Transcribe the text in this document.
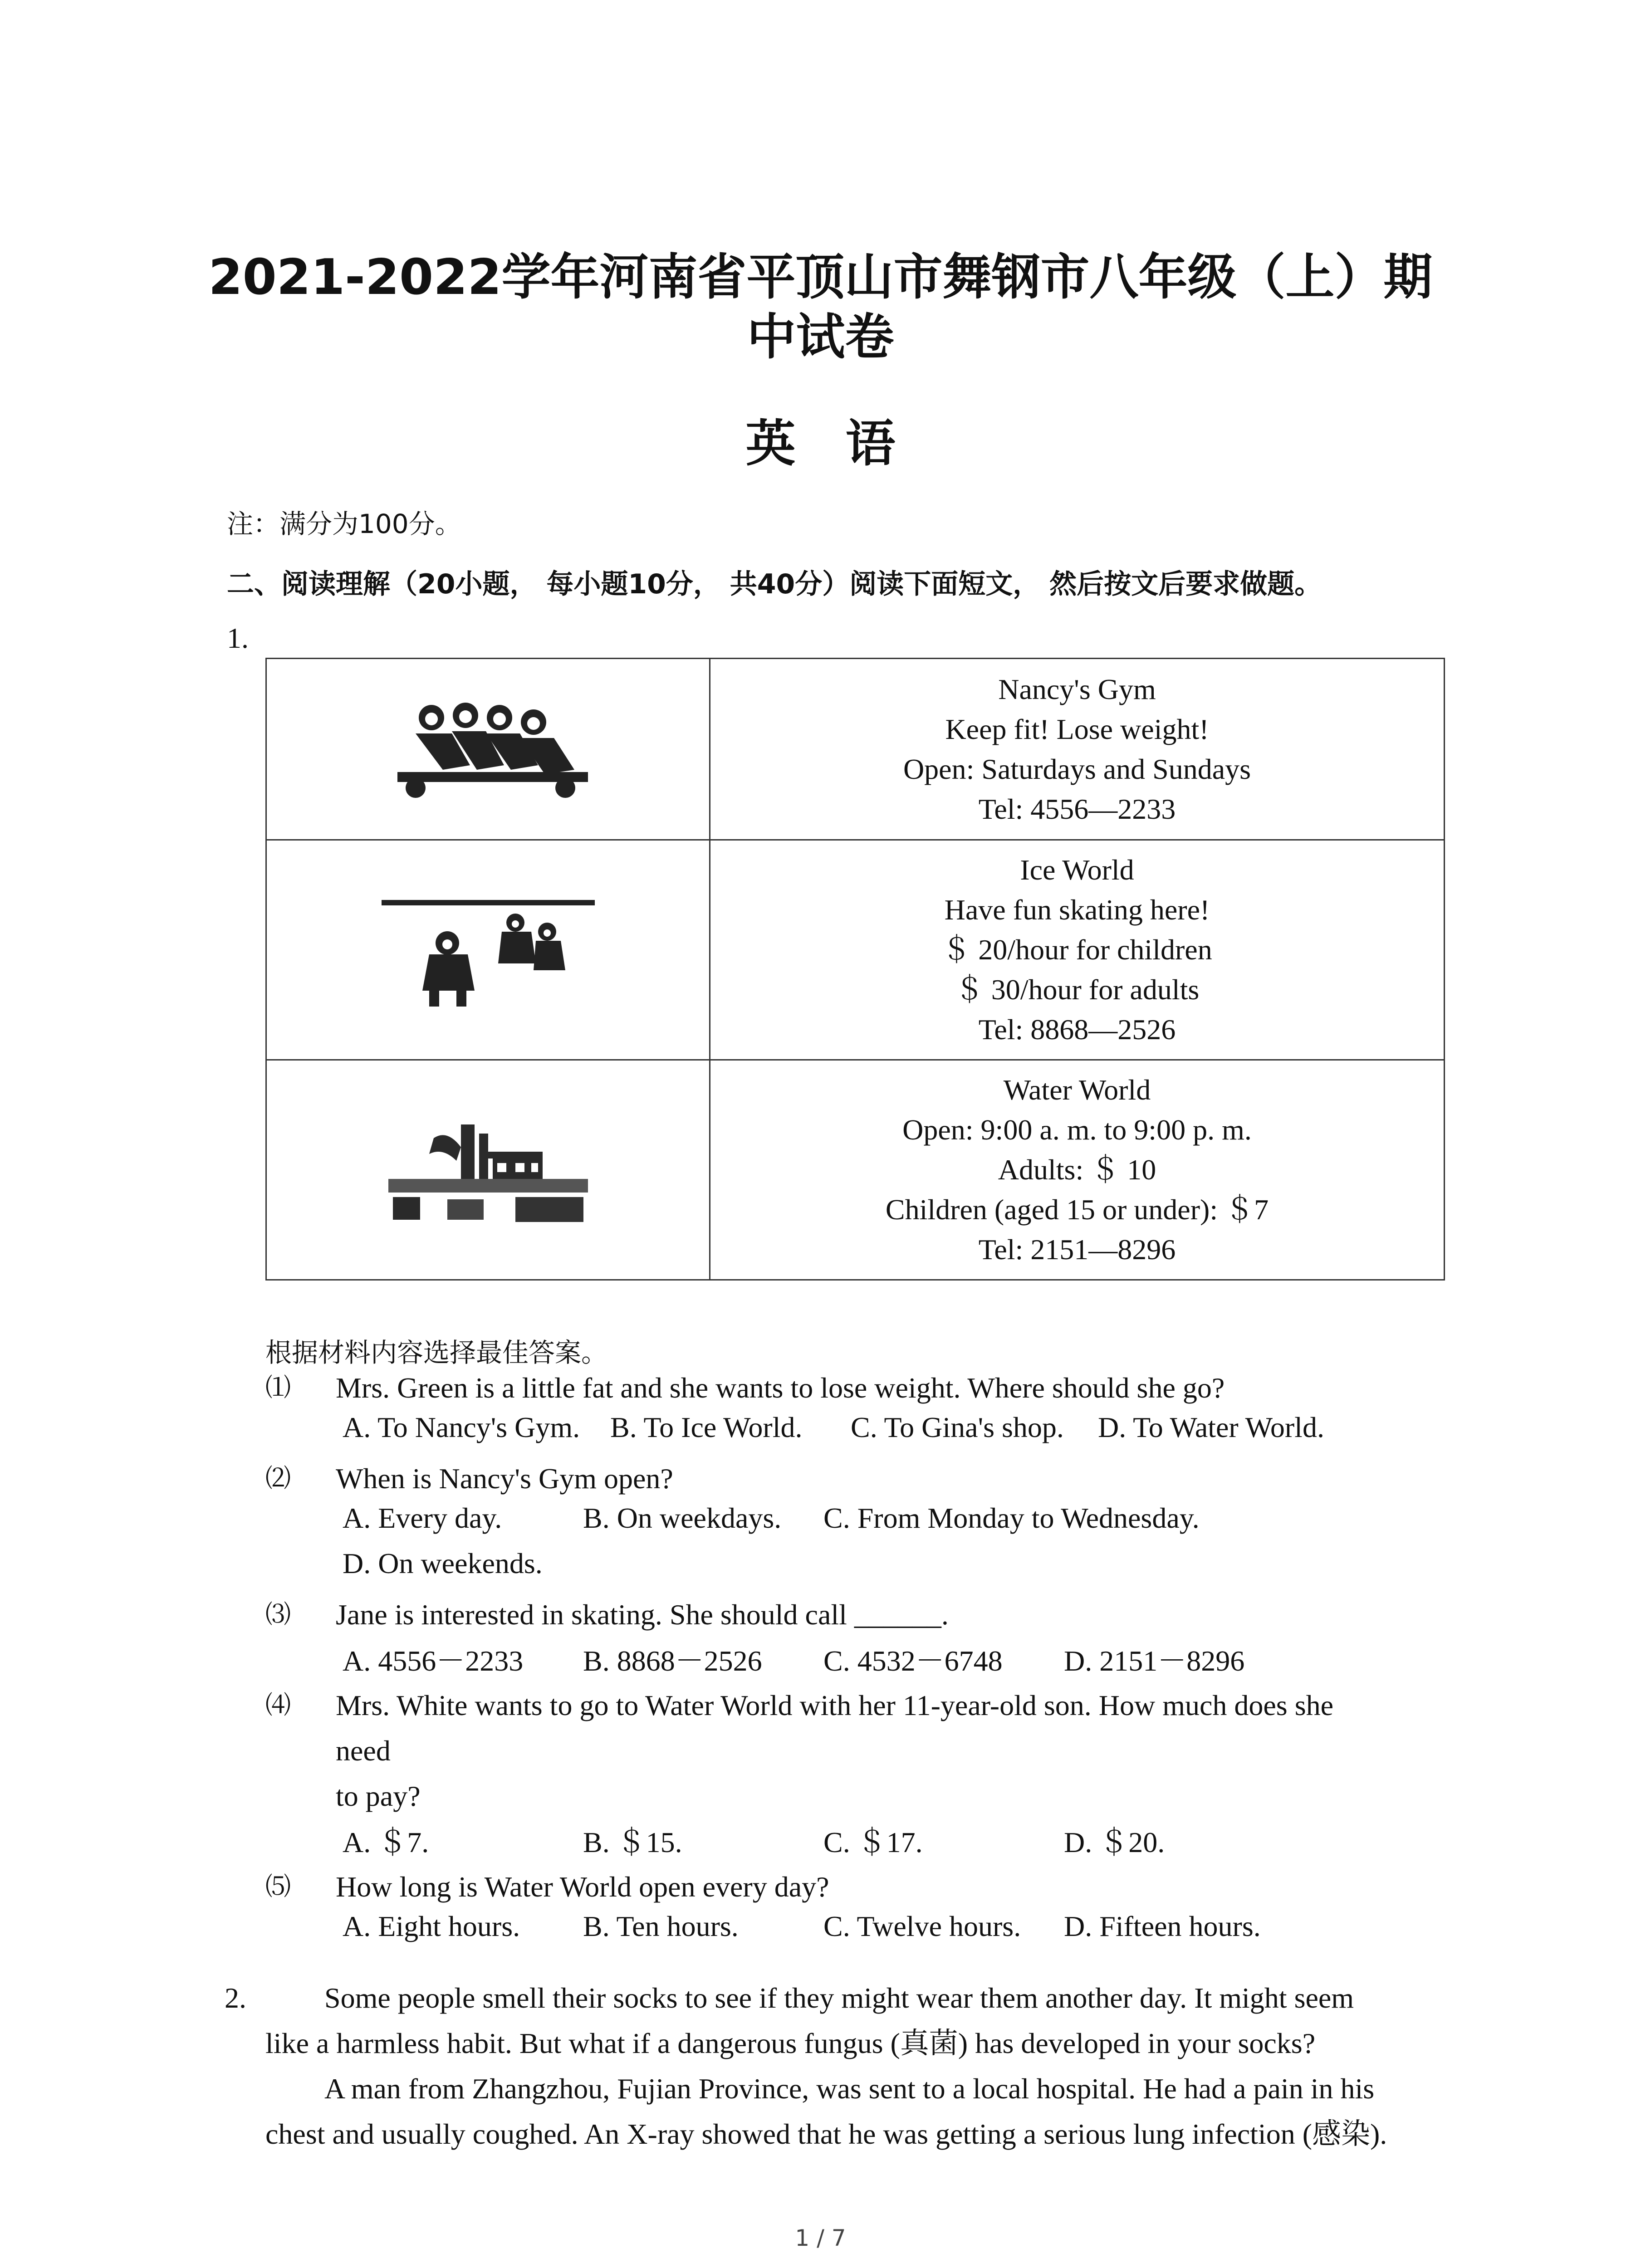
2021-2022学年河南省平顶山市舞钢市八年级（上）期
中试卷
英语
注：满分为100分。
二、阅读理解（20小题， 每小题10分， 共40分）阅读下面短文， 然后按文后要求做题。
1.

Nancy's Gym
Keep fit! Lose weight!
Open: Saturdays and Sundays
Tel: 4556—2233

Ice World
Have fun skating here!
＄ 20/hour for children
＄ 30/hour for adults
Tel: 8868—2526

Water World
Open: 9:00 a. m. to 9:00 p. m.
Adults: ＄ 10
Children (aged 15 or under): ＄7
Tel: 2151—8296
根据材料内容选择最佳答案。
⑴ Mrs. Green is a little fat and she wants to lose weight. Where should she go?
A. To Nancy's Gym. B. To Ice World. C. To Gina's shop. D. To Water World.
⑵ When is Nancy's Gym open?
A. Every day.	B. On weekdays. C. From Monday to Wednesday.
D. On weekends.
⑶ Jane is interested in skating. She should call ______.
A. 4556－2233 B. 8868－2526 C. 4532－6748 D. 2151－8296
⑷ Mrs. White wants to go to Water World with her 11-year-old son. How much does she
need
to pay?
A. ＄7.	B. ＄15.	C. ＄17.	D. ＄20.
⑸ How long is Water World open every day?
A. Eight hours. B. Ten hours.	C. Twelve hours. D. Fifteen hours.
2.	Some people smell their socks to see if they might wear them another day. It might seem
like a harmless habit. But what if a dangerous fungus (真菌) has developed in your socks?
A man from Zhangzhou, Fujian Province, was sent to a local hospital. He had a pain in his
chest and usually coughed. An X-ray showed that he was getting a serious lung infection (感染).
1 / 7
